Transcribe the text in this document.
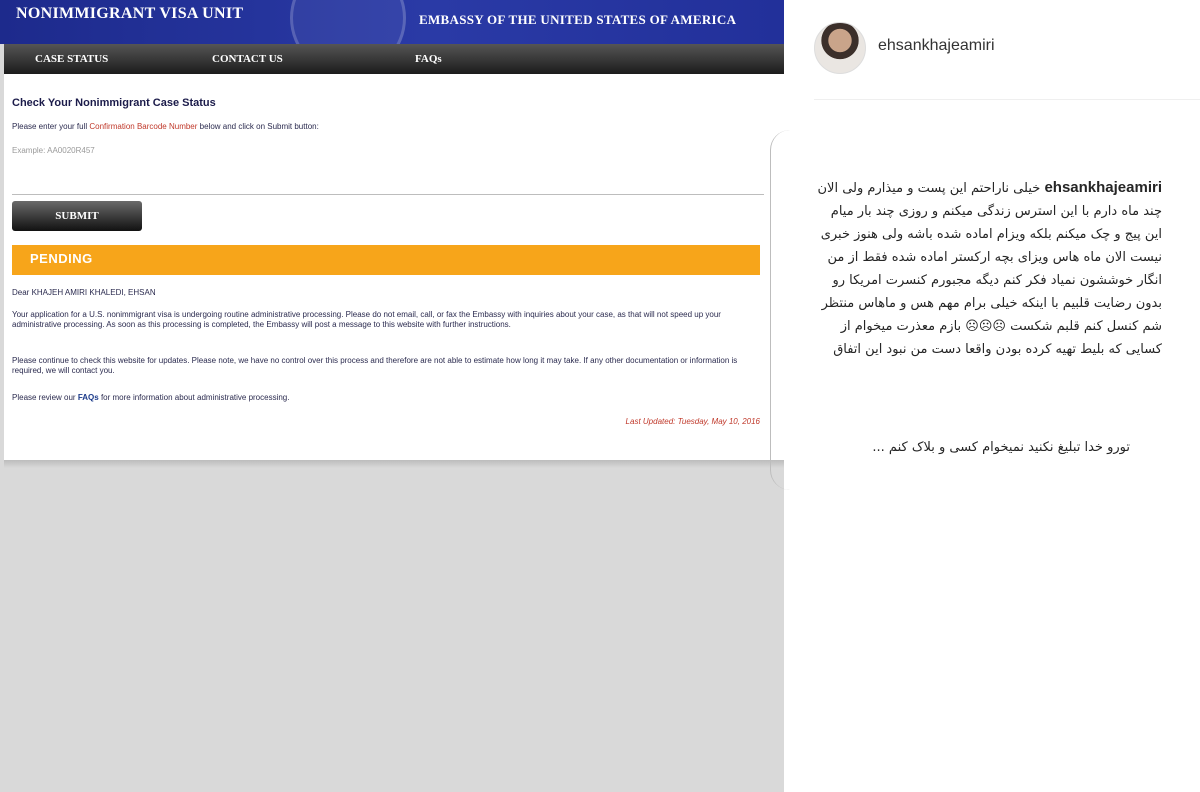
NONIMMIGRANT VISA UNIT	EMBASSY OF THE UNITED STATES OF AMERICA
CASE STATUS	CONTACT US	FAQs
Check Your Nonimmigrant Case Status
Please enter your full Confirmation Barcode Number below and click on Submit button:
Example: AA0020R457
SUBMIT
PENDING
Dear KHAJEH AMIRI KHALEDI, EHSAN
Your application for a U.S. nonimmigrant visa is undergoing routine administrative processing. Please do not email, call, or fax the Embassy with inquiries about your case, as that will not speed up your administrative processing. As soon as this processing is completed, the Embassy will post a message to this website with further instructions.
Please continue to check this website for updates. Please note, we have no control over this process and therefore are not able to estimate how long it may take. If any other documentation or information is required, we will contact you.
Please review our FAQs for more information about administrative processing.
Last Updated: Tuesday, May 10, 2016
ehsankhajeamiri
ehsankhajeamiri خیلی ناراحتم این پست و میذارم ولی الان چند ماه دارم با این استرس زندگی میکنم و روزی چند بار میام این پیج و چک میکنم بلکه ویزام اماده شده باشه ولی هنوز خبری نیست الان ماه هاس ویزای بچه ارکستر اماده شده فقط از من انگار خوششون نمیاد فکر کنم دیگه مجبورم کنسرت امریکا رو بدون رضایت قلبیم با اینکه خیلی برام مهم هس و ماهاس منتظر شم کنسل کنم قلبم شکست ☹☹☹ بازم معذرت میخوام از کسایی که بلیط تهیه کرده بودن واقعا دست من نبود این اتفاق
تورو خدا تبلیغ نکنید نمیخوام کسی و بلاک کنم ...
